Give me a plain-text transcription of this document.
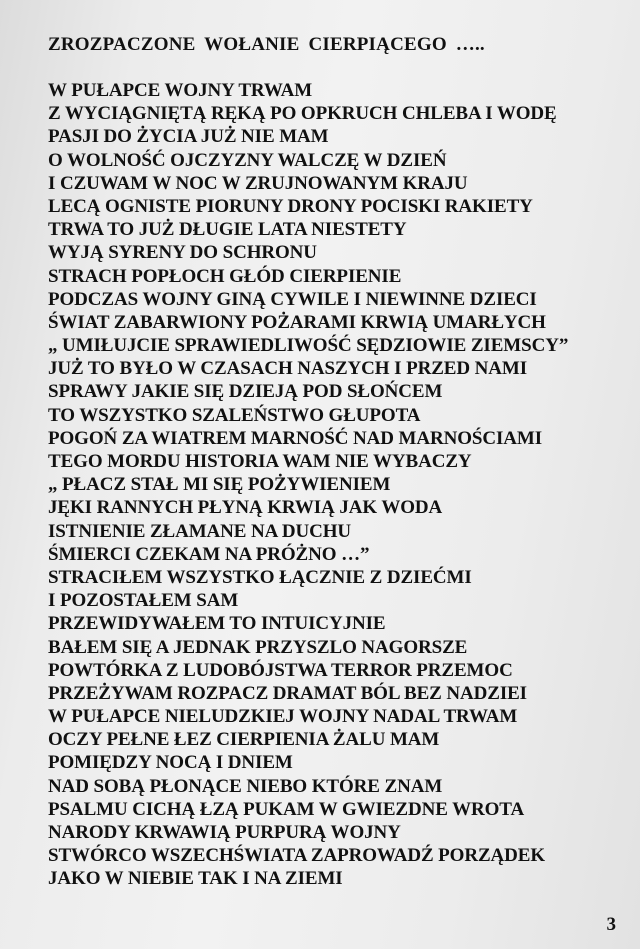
ZROZPACZONE WOŁANIE CIERPIĄCEGO …..
W PUŁAPCE WOJNY TRWAM
Z WYCIĄGNIĘTĄ RĘKĄ PO OPKRUCH CHLEBA I WODĘ
PASJI DO ŻYCIA JUŻ NIE MAM
O WOLNOŚĆ OJCZYZNY WALCZĘ W DZIEŃ
I CZUWAM W NOC W ZRUJNOWANYM KRAJU
LECĄ OGNISTE PIORUNY DRONY POCISKI RAKIETY
TRWA TO JUŻ DŁUGIE LATA NIESTETY
WYJĄ SYRENY DO SCHRONU
STRACH POPŁOCH GŁÓD CIERPIENIE
PODCZAS WOJNY GINĄ CYWILE I NIEWINNE DZIECI
ŚWIAT ZABARWIONY POŻARAMI KRWIĄ UMARŁYCH
„ UMIŁUJCIE SPRAWIEDLIWOŚĆ SĘDZIOWIE ZIEMSCY”
JUŻ TO BYŁO W CZASACH NASZYCH I PRZED NAMI
SPRAWY JAKIE SIĘ DZIEJĄ POD SŁOŃCEM
TO WSZYSTKO SZALEŃSTWO GŁUPOTA
POGOŃ ZA WIATREM MARNOŚĆ NAD MARNOŚCIAMI
TEGO MORDU HISTORIA WAM NIE WYBACZY
„ PŁACZ STAŁ MI SIĘ POŻYWIENIEM
JĘKI RANNYCH PŁYNĄ KRWIĄ JAK WODA
ISTNIENIE ZŁAMANE NA DUCHU
ŚMIERCI CZEKAM NA PRÓŻNO …”
STRACIŁEM WSZYSTKO ŁĄCZNIE Z DZIEĆMI
I POZOSTAŁEM SAM
PRZEWIDYWAŁEM TO INTUICYJNIE
BAŁEM SIĘ A JEDNAK PRZYSZLO NAGORSZE
POWTÓRKA Z LUDOBÓJSTWA TERROR PRZEMOC
PRZEŻYWAM ROZPACZ DRAMAT BÓL BEZ NADZIEI
W PUŁAPCE NIELUDZKIEJ WOJNY NADAL TRWAM
OCZY PEŁNE ŁEZ CIERPIENIA ŻALU MAM
POMIĘDZY NOCĄ I DNIEM
NAD SOBĄ PŁONĄCE NIEBO KTÓRE ZNAM
PSALMU CICHĄ ŁZĄ PUKAM W GWIEZDNE WROTA
NARODY KRWAWIĄ PURPURĄ WOJNY
STWÓRCO WSZECHŚWIATA ZAPROWADŹ PORZĄDEK
JAKO W NIEBIE TAK I NA ZIEMI
3
